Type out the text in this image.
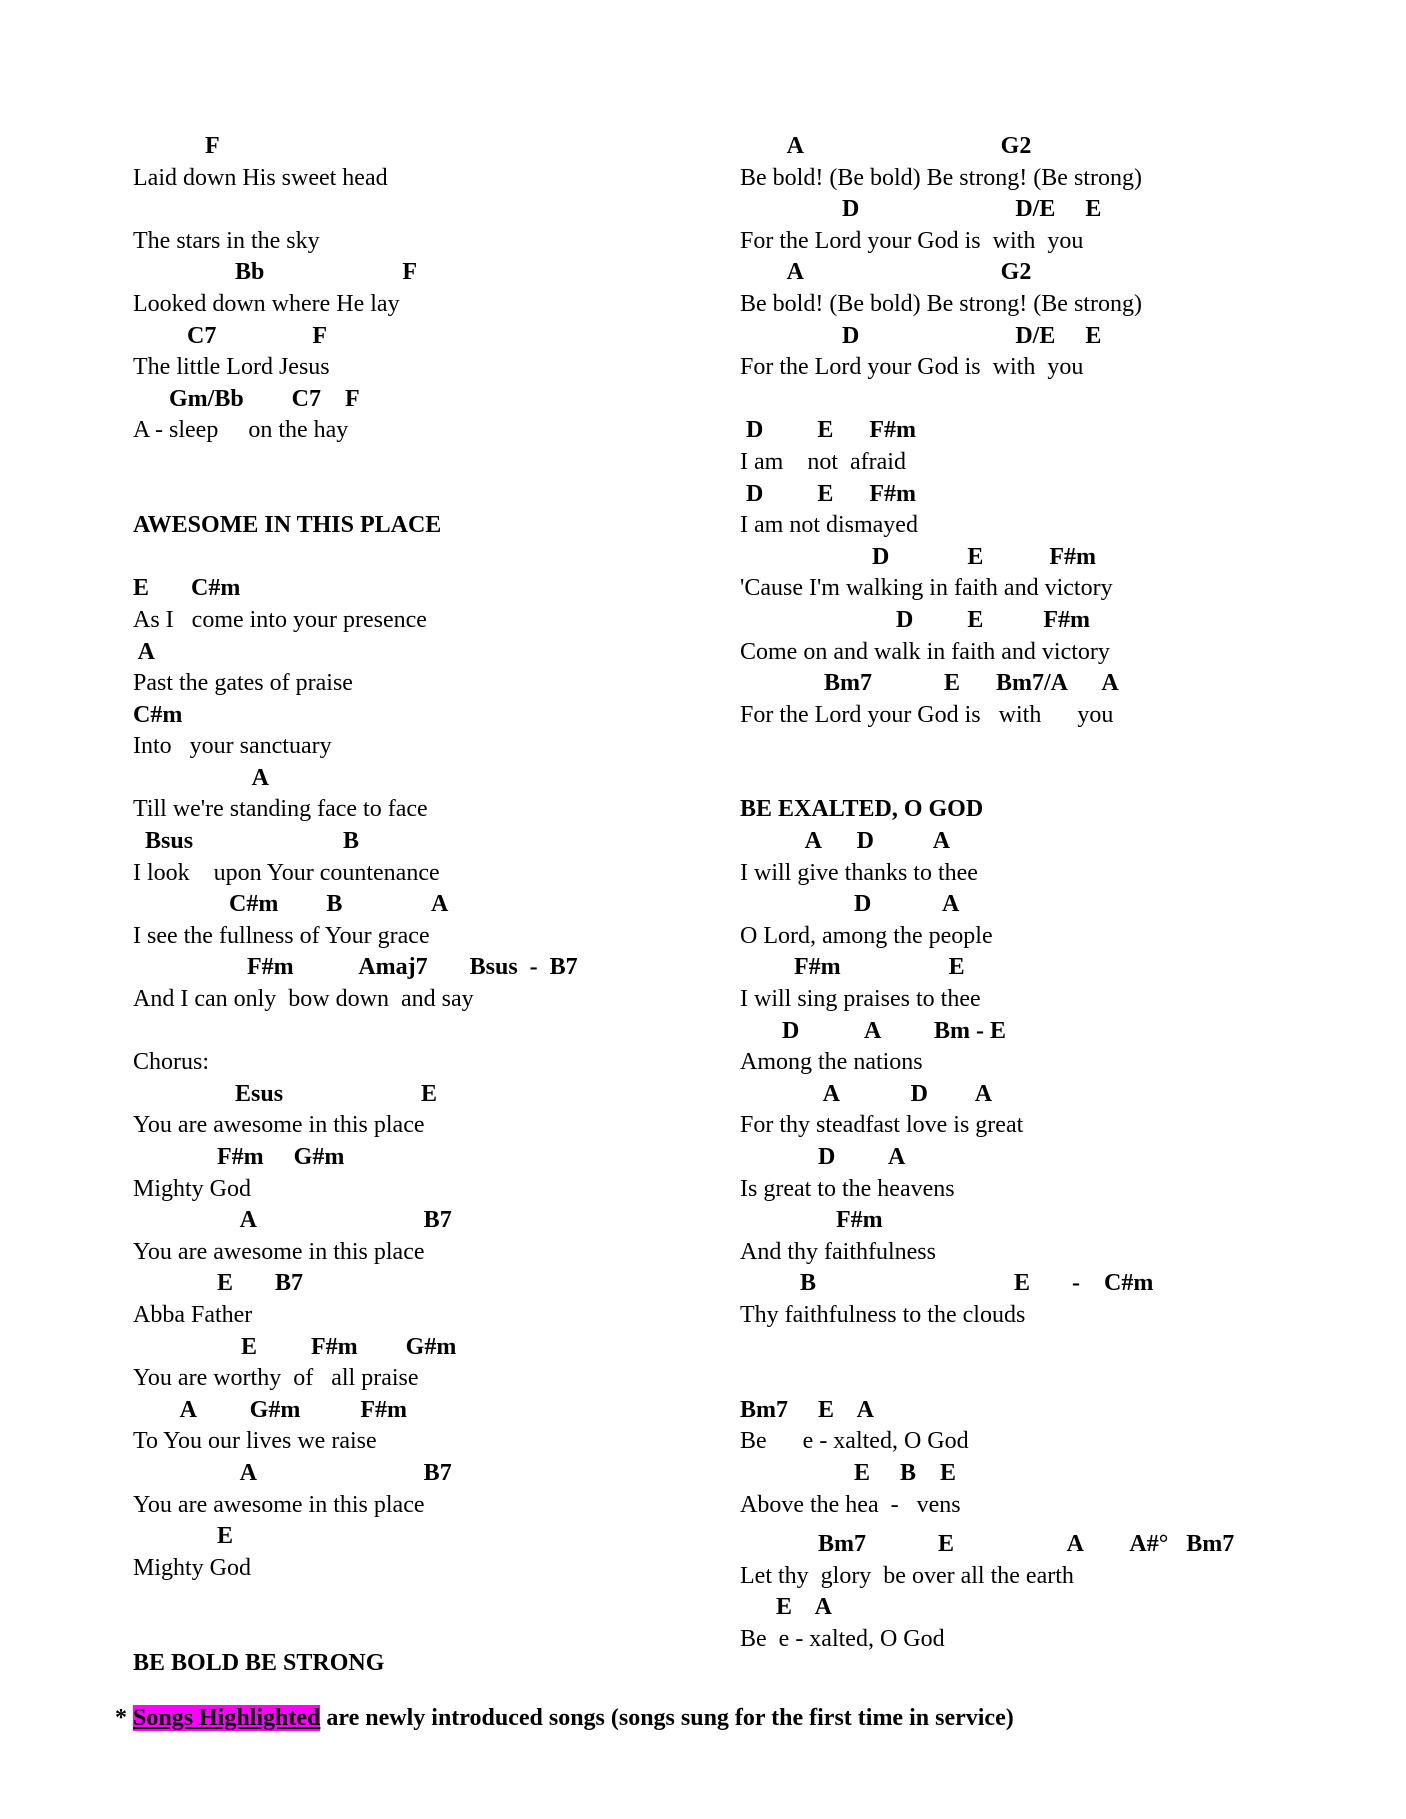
F
Laid down His sweet head

The stars in the sky
Bb                       F
Looked down where He lay
C7                F
The little Lord Jesus
Gm/Bb        C7    F
A - sleep     on the hay

AWESOME IN THIS PLACE

E       C#m
As I   come into your presence
A
Past the gates of praise
C#m
Into   your sanctuary
A
Till we're standing face to face
Bsus                         B
I look    upon Your countenance
C#m        B               A
I see the fullness of Your grace
F#m           Amaj7       Bsus  -  B7
And I can only  bow down  and say

Chorus:
Esus                       E
You are awesome in this place
F#m     G#m
Mighty God
A                            B7
You are awesome in this place
E       B7
Abba Father
E         F#m        G#m
You are worthy  of   all praise
A         G#m          F#m
To You our lives we raise
A                            B7
You are awesome in this place
E
Mighty God

BE BOLD BE STRONG
A                                 G2
Be bold! (Be bold) Be strong! (Be strong)
D                          D/E     E
For the Lord your God is  with  you
A                                 G2
Be bold! (Be bold) Be strong! (Be strong)
D                          D/E     E
For the Lord your God is  with  you

D         E      F#m
I am    not  afraid
D         E      F#m
I am not dismayed
D             E           F#m
'Cause I'm walking in faith and victory
D         E          F#m
Come on and walk in faith and victory
Bm7            E      Bm7/A      A
For the Lord your God is   with      you

BE EXALTED, O GOD
A      D          A
I will give thanks to thee
D            A
O Lord, among the people
F#m                  E
I will sing praises to thee
D           A         Bm - E
Among the nations
A            D        A
For thy steadfast love is great
D         A
Is great to the heavens
F#m
And thy faithfulness
B                                 E       -    C#m
Thy faithfulness to the clouds

Bm7     E    A
Be      e - xalted, O God
E     B    E
Above the hea  -   vens
Bm7            E                   A        A#°   Bm7
Let thy  glory  be over all the earth
E    A
Be  e - xalted, O God
* Songs Highlighted are newly introduced songs (songs sung for the first time in service)
